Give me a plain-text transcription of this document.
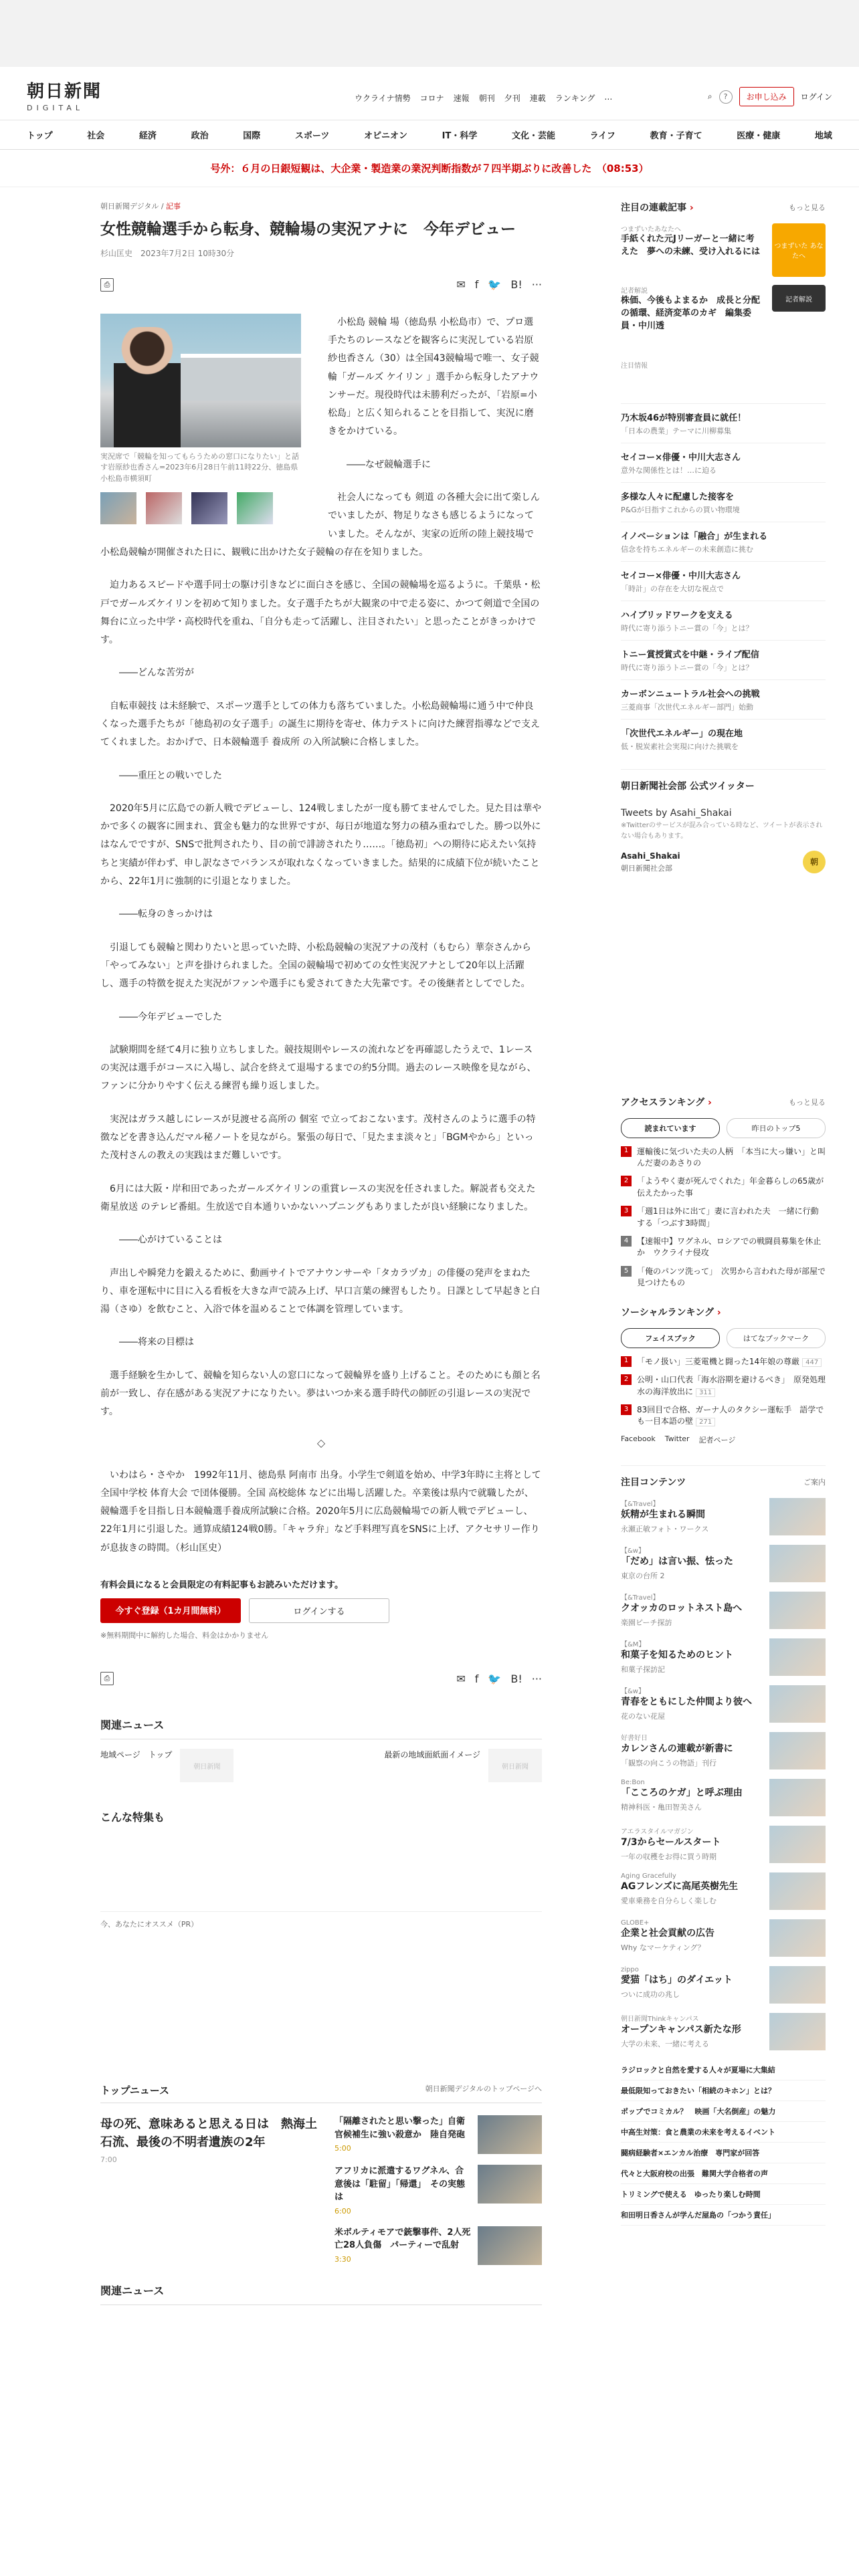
朝日新聞
DIGITAL
ウクライナ情勢 コロナ 速報 朝刊 夕刊 連載 ランキング …	⌕	?	お申し込み	ログイン
トップ	社会	経済	政治	国際	スポーツ	オピニオン	IT・科学	文化・芸能	ライフ	教育・子育て	医療・健康	地域
号外：６月の日銀短観は、大企業・製造業の業況判断指数が７四半期ぶりに改善した　（08:53）
朝日新聞デジタル / 記事
女性競輪選手から転身、競輪場の実況アナに　今年デビュー
杉山匡史　2023年7月2日 10時30分
⎙	✉ f 🐦 B! ···
実況席で「競輪を知ってもらうための窓口になりたい」と話す岩原紗也香さん=2023年6月28日午前11時22分、徳島県小松島市横須町

小松島 競輪 場（徳島県 小松島市）で、プロ選手たちのレースなどを観客らに実況している岩原紗也香さん（30）は全国43競輪場で唯一、女子競輪「ガールズ ケイリン 」選手から転身したアナウンサーだ。現役時代は未勝利だったが、「岩原=小松島」と広く知られることを目指して、実況に磨きをかけている。

――なぜ競輪選手に

社会人になっても 剣道 の各種大会に出て楽しんでいましたが、物足りなさも感じるようになっていました。そんなが、実家の近所の陸上競技場で小松島競輪が開催された日に、観戦に出かけた女子競輪の存在を知りました。

迫力あるスピードや選手同士の駆け引きなどに面白さを感じ、全国の競輪場を巡るように。千葉県・松戸でガールズケイリンを初めて知りました。女子選手たちが大観衆の中で走る姿に、かつて剣道で全国の舞台に立った中学・高校時代を重ね、「自分も走って活躍し、注目されたい」と思ったことがきっかけです。

――どんな苦労が

自転車競技 は未経験で、スポーツ選手としての体力も落ちていました。小松島競輪場に通う中で仲良くなった選手たちが「徳島初の女子選手」の誕生に期待を寄せ、体力テストに向けた練習指導などで支えてくれました。おかげで、日本競輪選手 養成所 の入所試験に合格しました。

――重圧との戦いでした

2020年5月に広島での新人戦でデビューし、124戦しましたが一度も勝てませんでした。見た目は華やかで多くの観客に囲まれ、賞金も魅力的な世界ですが、毎日が地道な努力の積み重ねでした。勝つ以外にはなんでですが、SNSで批判されたり、目の前で誹謗されたり……。「徳島初」への期待に応えたい気持ちと実績が伴わず、申し訳なさでバランスが取れなくなっていきました。結果的に成績下位が続いたことから、22年1月に強制的に引退となりました。

――転身のきっかけは

引退しても競輪と関わりたいと思っていた時、小松島競輪の実況アナの茂村（もむら）華奈さんから「やってみない」と声を掛けられました。全国の競輪場で初めての女性実況アナとして20年以上活躍し、選手の特徴を捉えた実況がファンや選手にも愛されてきた大先輩です。その後継者としてでした。

――今年デビューでした

試験期間を経て4月に独り立ちしました。競技規則やレースの流れなどを再確認したうえで、1レースの実況は選手がコースに入場し、試合を終えて退場するまでの約5分間。過去のレース映像を見ながら、ファンに分かりやすく伝える練習も繰り返しました。

実況はガラス越しにレースが見渡せる高所の 個室 で立っておこないます。茂村さんのように選手の特徴などを書き込んだマル秘ノートを見ながら。緊張の毎日で、「見たまま淡々と」「BGMやから」といった茂村さんの教えの実践はまだ難しいです。

6月には大阪・岸和田であったガールズケイリンの重賞レースの実況を任されました。解説者も交えた 衛星放送 のテレビ番組。生放送で自本通りいかないハプニングもありましたが良い経験になりました。

――心がけていることは

声出しや瞬発力を鍛えるために、動画サイトでアナウンサーや「タカラヅカ」の俳優の発声をまねたり、車を運転中に目に入る看板を大きな声で読み上げ、早口言葉の練習もしたり。日課として早起きと白湯（さゆ）を飲むこと、入浴で体を温めることで体調を管理しています。

――将来の目標は

選手経験を生かして、競輪を知らない人の窓口になって競輪界を盛り上げること。そのためにも顔と名前が一致し、存在感がある実況アナになりたい。夢はいつか来る選手時代の師匠の引退レースの実況です。

◇

いわはら・さやか　1992年11月、徳島県 阿南市 出身。小学生で剣道を始め、中学3年時に主将として全国中学校 体育大会 で団体優勝。全国 高校総体 などに出場し活躍した。卒業後は県内で就職したが、競輪選手を目指し日本競輪選手養成所試験に合格。2020年5月に広島競輪場での新人戦でデビューし、22年1月に引退した。通算成績124戦0勝。「キャラ弁」など手料理写真をSNSに上げ、アクセサリー作りが息抜きの時間。（杉山匡史）

有料会員になると会員限定の有料記事もお読みいただけます。
今すぐ登録（1カ月間無料）	ログインする
※無料期間中に解約した場合、料金はかかりません
⎙	✉ f 🐦 B! ···
関連ニュース
地域ページ　トップ
朝日新聞
最新の地域面紙面イメージ
朝日新聞
こんな特集も
今、あなたにオススメ（PR）
トップニュース	朝日新聞デジタルのトップページへ
母の死、意味あると思える日は　熱海土石流、最後の不明者遺族の2年
7:00
「隔離されたと思い撃った」自衛官候補生に強い殺意か　陸自発砲
5:00
アフリカに派遣するワグネル、合意後は「駐留」「帰還」　その実態は
6:00
米ボルティモアで銃撃事件、2人死亡28人負傷　パーティーで乱射
3:30
関連ニュース
注目の連載記事 ›	もっと見る
つまずいたあなたへ
手紙くれた元Jリーガーと一緒に考えた　夢への未練、受け入れるには
つまずいた あなたへ
記者解説
株価、今後もよまるか　成長と分配の循環、経済変革のカギ　編集委員・中川透
記者解説
注目情報
乃木坂46が特別審査員に就任！
「日本の農業」テーマに川柳募集
セイコー×俳優・中川大志さん
意外な関係性とは！…に迫る
多様な人々に配慮した接客を
P&Gが目指すこれからの買い物環境
イノベーションは「融合」が生まれる
信念を持ちエネルギーの未来創造に挑む
セイコー×俳優・中川大志さん
「時計」の存在を大切な視点で
ハイブリッドワークを支える
時代に寄り添うトニー賞の「今」とは？
トニー賞授賞式を中継・ライブ配信
時代に寄り添うトニー賞の「今」とは？
カーボンニュートラル社会への挑戦
三菱商事「次世代エネルギー部門」始動
「次世代エネルギー」の現在地
低・脱炭素社会実現に向けた挑戦を
朝日新聞社会部 公式ツイッター
Tweets by Asahi_Shakai
※Twitterのサービスが混み合っている時など、ツイートが表示されない場合もあります。
Asahi_Shakai
朝日新聞社会部
朝
アクセスランキング ›	もっと見る
読まれています	昨日のトップ5
1	運輸後に気づいた夫の人柄　「本当に大っ嫌い」と叫んだ妻のあさりの
2	「ようやく妻が死んでくれた」年金暮らしの65歳が伝えたかった事
3	「週1日は外に出て」妻に言われた夫　一緒に行動する「つぶす3時間」
4	【速報中】ワグネル、ロシアでの戦闘員募集を休止か　ウクライナ侵攻
5	「俺のパンツ洗って」　次男から言われた母が部屋で見つけたもの
ソーシャルランキング ›
フェイスブック	はてなブックマーク
1	「モノ扱い」三菱電機と闘った14年娘の尊厳 447
2	公明・山口代表「海水浴期を避けるべき」　原発処理水の海洋放出に 311
3	83回目で合格、ガーナ人のタクシー運転手　語学でも一目本語の壁 271
Facebook Twitter 記者ページ
注目コンテンツ	ご案内
【&Travel】
妖精が生まれる瞬間
永瀬正敏フォト・ワークス
【&w】
「だめ」は言い振、怯った
東京の台所 2
【&Travel】
クオッカのロットネスト島へ
楽園ピーチ探訪
【&M】
和菓子を知るためのヒント
和菓子探訪記
【&w】
青春をともにした仲間より彼へ
花のない花屋
好書好日
カレンさんの連載が新書に
「観察の向こうの物語」刊行
Be:Bon
「こころのケガ」と呼ぶ理由
精神科医・亀田智美さん
アエラスタイルマガジン
7/3からセールスタート
一年の収穫をお得に買う時期
Aging Gracefully
AGフレンズに高尾英樹先生
愛車乗務を自分らしく楽しむ
GLOBE+
企業と社会貢献の広告
Why なマーケティング？
zippo
愛猫「はち」のダイエット
ついに成功の兆し
朝日新聞Thinkキャンパス
オープンキャンパス新たな形
大学の未来、一緒に考える
ラジロックと自然を愛する人々が夏場に大集結
最低限知っておきたい「相続のキホン」とは？
ポップでコミカル？　映画「大名倒産」の魅力
中高生対策：食と農業の未来を考えるイベント
闘病経験者×エンカル治療　専門家が回答
代々と大阪府校の出張　難関大学合格者の声
トリミングで使える　ゆったり楽しむ時間
和田明日香さんが学んだ屋島の「つかう責任」
